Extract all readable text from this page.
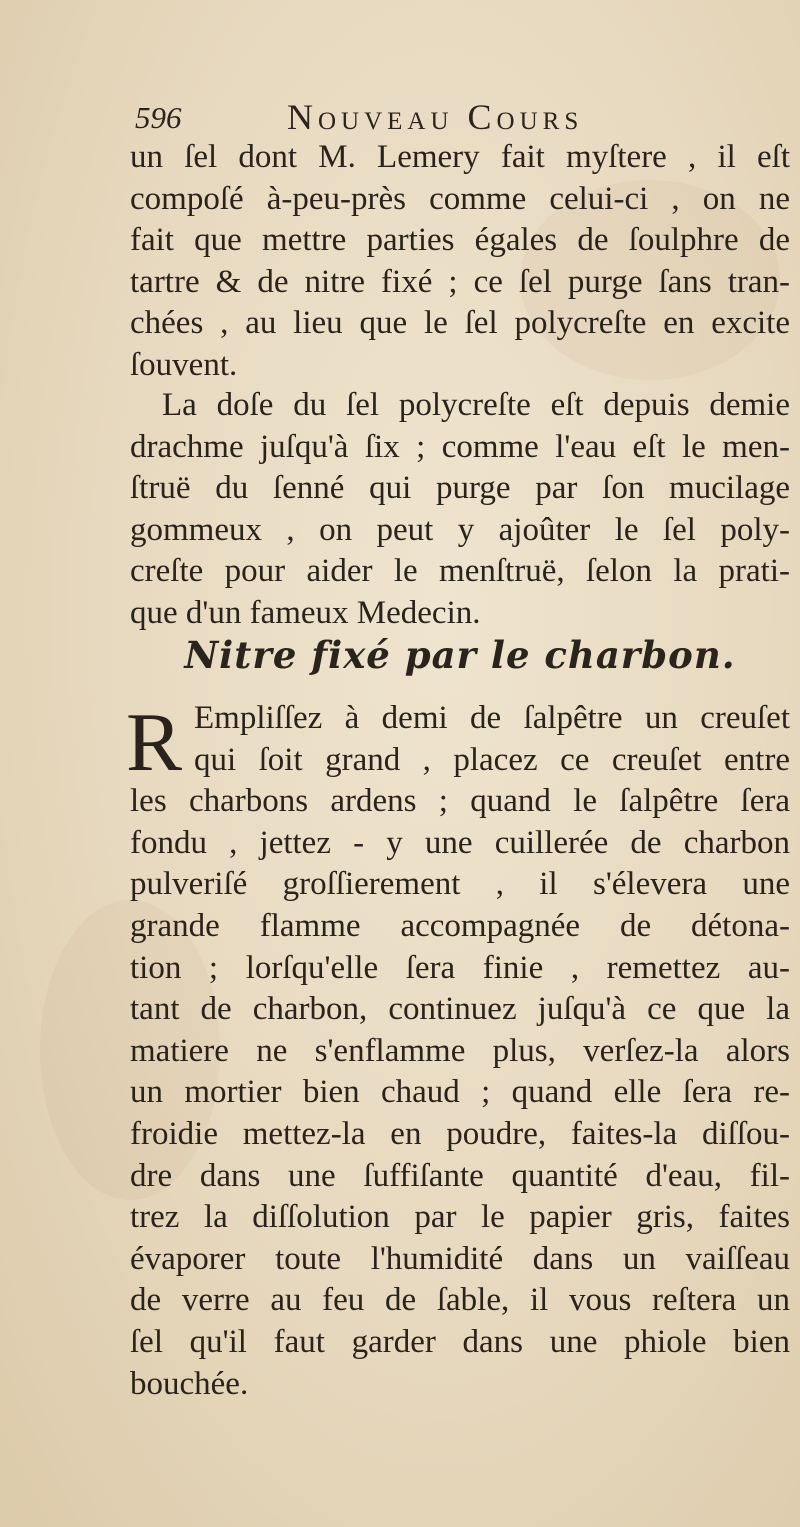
596	Nouveau Cours
un ſel dont M. Lemery fait myſtere , il eſt
compoſé à-peu-près comme celui-ci , on ne
fait que mettre parties égales de ſoulphre de
tartre & de nitre fixé ; ce ſel purge ſans tran-
chées , au lieu que le ſel polycreſte en excite
ſouvent.
La doſe du ſel polycreſte eſt depuis demie
drachme juſqu'à ſix ; comme l'eau eſt le men-
ſtruë du ſenné qui purge par ſon mucilage
gommeux , on peut y ajoûter le ſel poly-
creſte pour aider le menſtruë, ſelon la prati-
que d'un fameux Medecin.
Nitre fixé par le charbon.
R Empliſſez à demi de ſalpêtre un creuſet
qui ſoit grand , placez ce creuſet entre
les charbons ardens ; quand le ſalpêtre ſera
fondu , jettez - y une cuillerée de charbon
pulveriſé groſſierement , il s'élevera une
grande flamme accompagnée de détona-
tion ; lorſqu'elle ſera finie , remettez au-
tant de charbon, continuez juſqu'à ce que la
matiere ne s'enflamme plus, verſez-la alors
un mortier bien chaud ; quand elle ſera re-
froidie mettez-la en poudre, faites-la diſſou-
dre dans une ſuffiſante quantité d'eau, fil-
trez la diſſolution par le papier gris, faites
évaporer toute l'humidité dans un vaiſſeau
de verre au feu de ſable, il vous reſtera un
ſel qu'il faut garder dans une phiole bien
bouchée.
